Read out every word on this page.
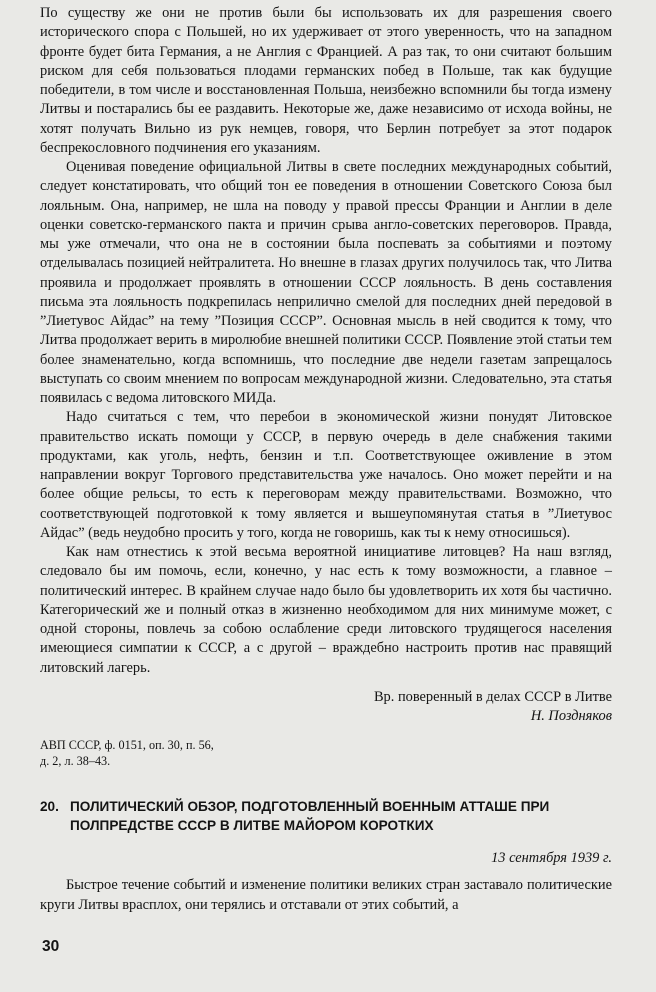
По существу же они не против были бы использовать их для разрешения своего исторического спора с Польшей, но их удерживает от этого уверенность, что на западном фронте будет бита Германия, а не Англия с Францией. А раз так, то они считают большим риском для себя пользоваться плодами германских побед в Польше, так как будущие победители, в том числе и восстановленная Польша, неизбежно вспомнили бы тогда измену Литвы и постарались бы ее раздавить. Некоторые же, даже независимо от исхода войны, не хотят получать Вильно из рук немцев, говоря, что Берлин потребует за этот подарок беспрекословного подчинения его указаниям.

Оценивая поведение официальной Литвы в свете последних международных событий, следует констатировать, что общий тон ее поведения в отношении Советского Союза был лояльным. Она, например, не шла на поводу у правой прессы Франции и Англии в деле оценки советско-германского пакта и причин срыва англо-советских переговоров. Правда, мы уже отмечали, что она не в состоянии была поспевать за событиями и поэтому отделывалась позицией нейтралитета. Но внешне в глазах других получилось так, что Литва проявила и продолжает проявлять в отношении СССР лояльность. В день составления письма эта лояльность подкрепилась неприлично смелой для последних дней передовой в ”Лиетувос Айдас” на тему ”Позиция СССР”. Основная мысль в ней сводится к тому, что Литва продолжает верить в миролюбие внешней политики СССР. Появление этой статьи тем более знаменательно, когда вспомнишь, что последние две недели газетам запрещалось выступать со своим мнением по вопросам международной жизни. Следовательно, эта статья появилась с ведома литовского МИДа.

Надо считаться с тем, что перебои в экономической жизни понудят Литовское правительство искать помощи у СССР, в первую очередь в деле снабжения такими продуктами, как уголь, нефть, бензин и т.п. Соответствующее оживление в этом направлении вокруг Торгового представительства уже началось. Оно может перейти и на более общие рельсы, то есть к переговорам между правительствами. Возможно, что соответствующей подготовкой к тому является и вышеупомянутая статья в ”Лиетувос Айдас” (ведь неудобно просить у того, когда не говоришь, как ты к нему относишься).

Как нам отнестись к этой весьма вероятной инициативе литовцев? На наш взгляд, следовало бы им помочь, если, конечно, у нас есть к тому возможности, а главное – политический интерес. В крайнем случае надо было бы удовлетворить их хотя бы частично. Категорический же и полный отказ в жизненно необходимом для них минимуме может, с одной стороны, повлечь за собою ослабление среди литовского трудящегося населения имеющиеся симпатии к СССР, а с другой – враждебно настроить против нас правящий литовский лагерь.

Вр. поверенный в делах СССР в Литве
Н. Поздняков
АВП СССР, ф. 0151, оп. 30, п. 56,
д. 2, л. 38–43.
20. ПОЛИТИЧЕСКИЙ ОБЗОР, ПОДГОТОВЛЕННЫЙ ВОЕННЫМ АТТАШЕ ПРИ
ПОЛПРЕДСТВЕ СССР В ЛИТВЕ МАЙОРОМ КОРОТКИХ
13 сентября 1939 г.

Быстрое течение событий и изменение политики великих стран заставало политические круги Литвы врасплох, они терялись и отставали от этих событий, а

30
